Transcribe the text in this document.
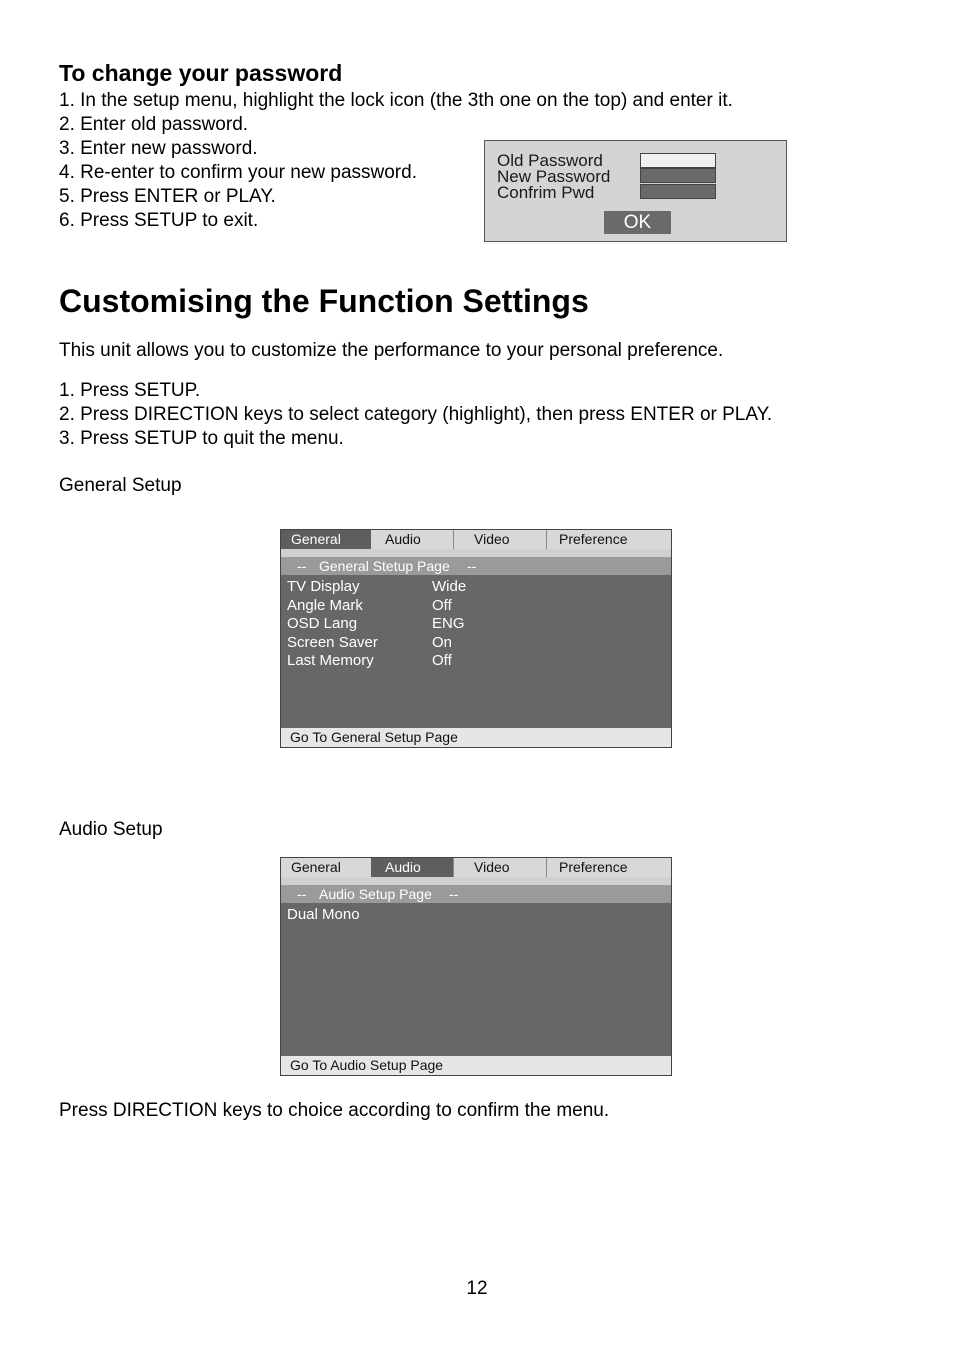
To change your password
1. In the setup menu, highlight the lock icon (the 3th one on the top) and enter it.
2. Enter old password.
3. Enter new password.
4. Re-enter to confirm your new password.
5. Press ENTER or PLAY.
6. Press SETUP to exit.
Old Password
New Password
Confrim Pwd
OK
Customising the Function Settings
This unit allows you to customize the performance to your personal preference.
1. Press SETUP.
2. Press DIRECTION keys to select category (highlight), then press ENTER or PLAY.
3. Press SETUP to quit the menu.
General Setup
General	Audio	Video	Preference
-- General Stetup Page --
TV Display	Wide
Angle Mark	Off
OSD Lang	ENG
Screen Saver	On
Last Memory	Off
Go To General Setup Page
Audio Setup
General	Audio	Video	Preference
-- Audio Setup Page --
Dual Mono
Go To Audio Setup Page
Press DIRECTION keys to choice according to confirm the menu.
12
